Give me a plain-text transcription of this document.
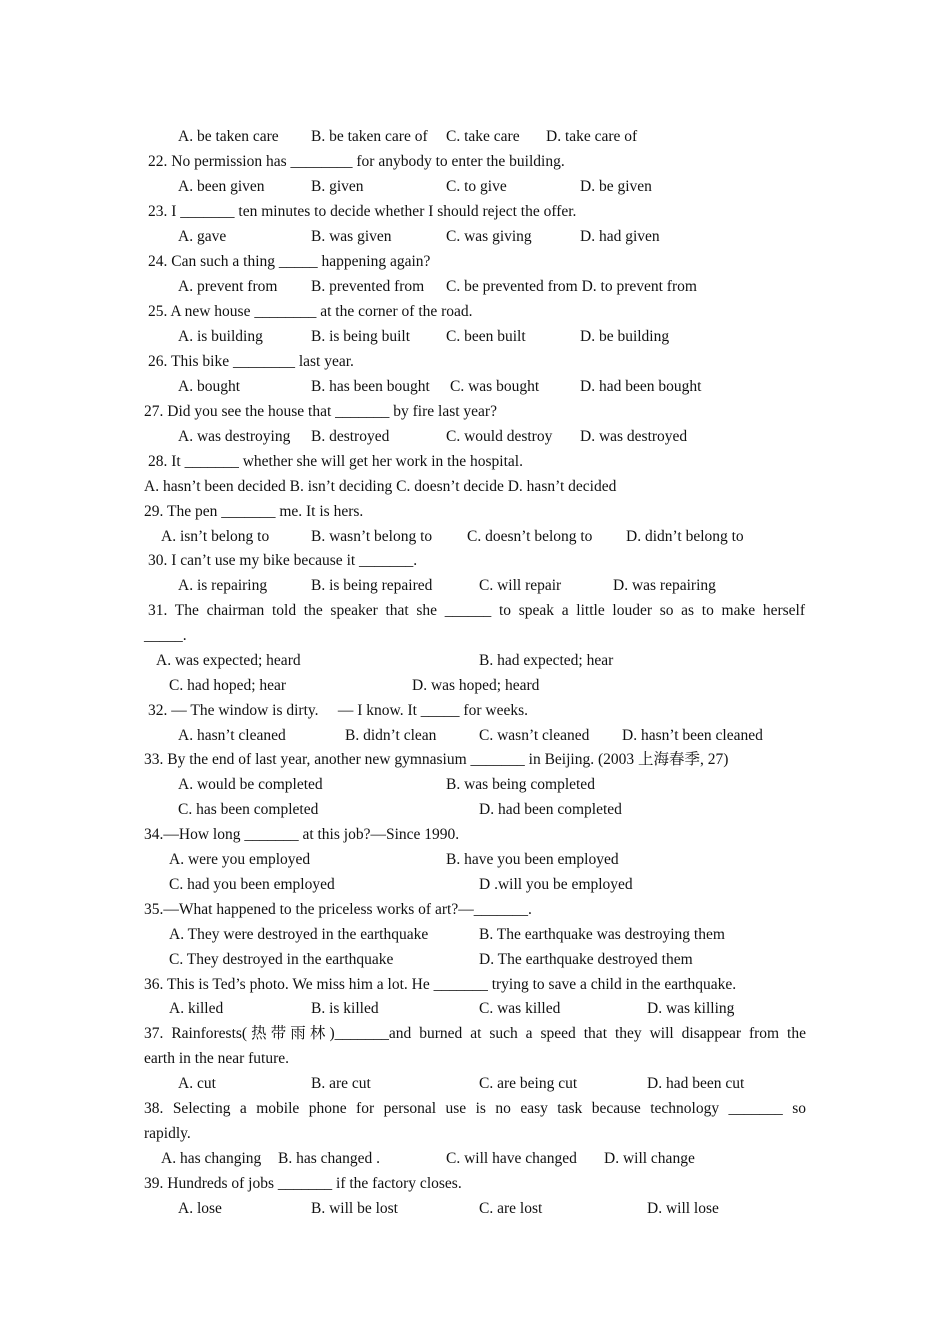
A. be taken care B. be taken care of C. take care D. take care of
22. No permission has ________ for anybody to enter the building.
A. been given	B. given	C. to give	D. be given
23. I _______ ten minutes to decide whether I should reject the offer.
A. gave	B. was given	C. was giving	D. had given
24. Can such a thing _____ happening again?
A. prevent from B. prevented from C. be prevented from D. to prevent from
25. A new house ________ at the corner of the road.
A. is building	B. is being built C. been built	D. be building
26. This bike ________ last year.
A. bought	B. has been bought C. was bought	D. had been bought
27. Did you see the house that _______ by fire last year?
A. was destroying B. destroyed	C. would destroy D. was destroyed
28. It _______ whether she will get her work in the hospital.
A. hasn’t been decided B. isn’t deciding C. doesn’t decide D. hasn’t decided
29. The pen _______ me. It is hers.
A. isn’t belong to	B. wasn’t belong to C. doesn’t belong to D. didn’t belong to
30. I can’t use my bike because it _______.
A. is repairing	B. is being repaired	C. will repair	D. was repairing
31. The chairman told the speaker that she ______ to speak a little louder so as to make herself
_____.
A. was expected; heard	B. had expected; hear
C. had hoped; hear	D. was hoped; heard
32. — The window is dirty.     — I know. It _____ for weeks.
A. hasn’t cleaned	B. didn’t clean	C. wasn’t cleaned D. hasn’t been cleaned
33. By the end of last year, another new gymnasium _______ in Beijing. (2003 上海春季, 27)
A. would be completed	B. was being completed
C. has been completed	D. had been completed
34.—How long _______ at this job?—Since 1990.
A. were you employed	B. have you been employed
C. had you been employed	D .will you be employed
35.—What happened to the priceless works of art?—_______.
A. They were destroyed in the earthquake	B. The earthquake was destroying them
C. They destroyed in the earthquake	D. The earthquake destroyed them
36. This is Ted’s photo. We miss him a lot. He _______ trying to save a child in the earthquake.
A. killed	B. is killed	C. was killed	D. was killing
37. Rainforests(热带雨林)_______and burned at such a speed that they will disappear from the
earth in the near future.
A. cut	B. are cut	C. are being cut	D. had been cut
38. Selecting a mobile phone for personal use is no easy task because technology _______ so
rapidly.
A. has changing B. has changed .	C. will have changed D. will change
39. Hundreds of jobs _______ if the factory closes.
A. lose	B. will be lost	C. are lost	D. will lose
